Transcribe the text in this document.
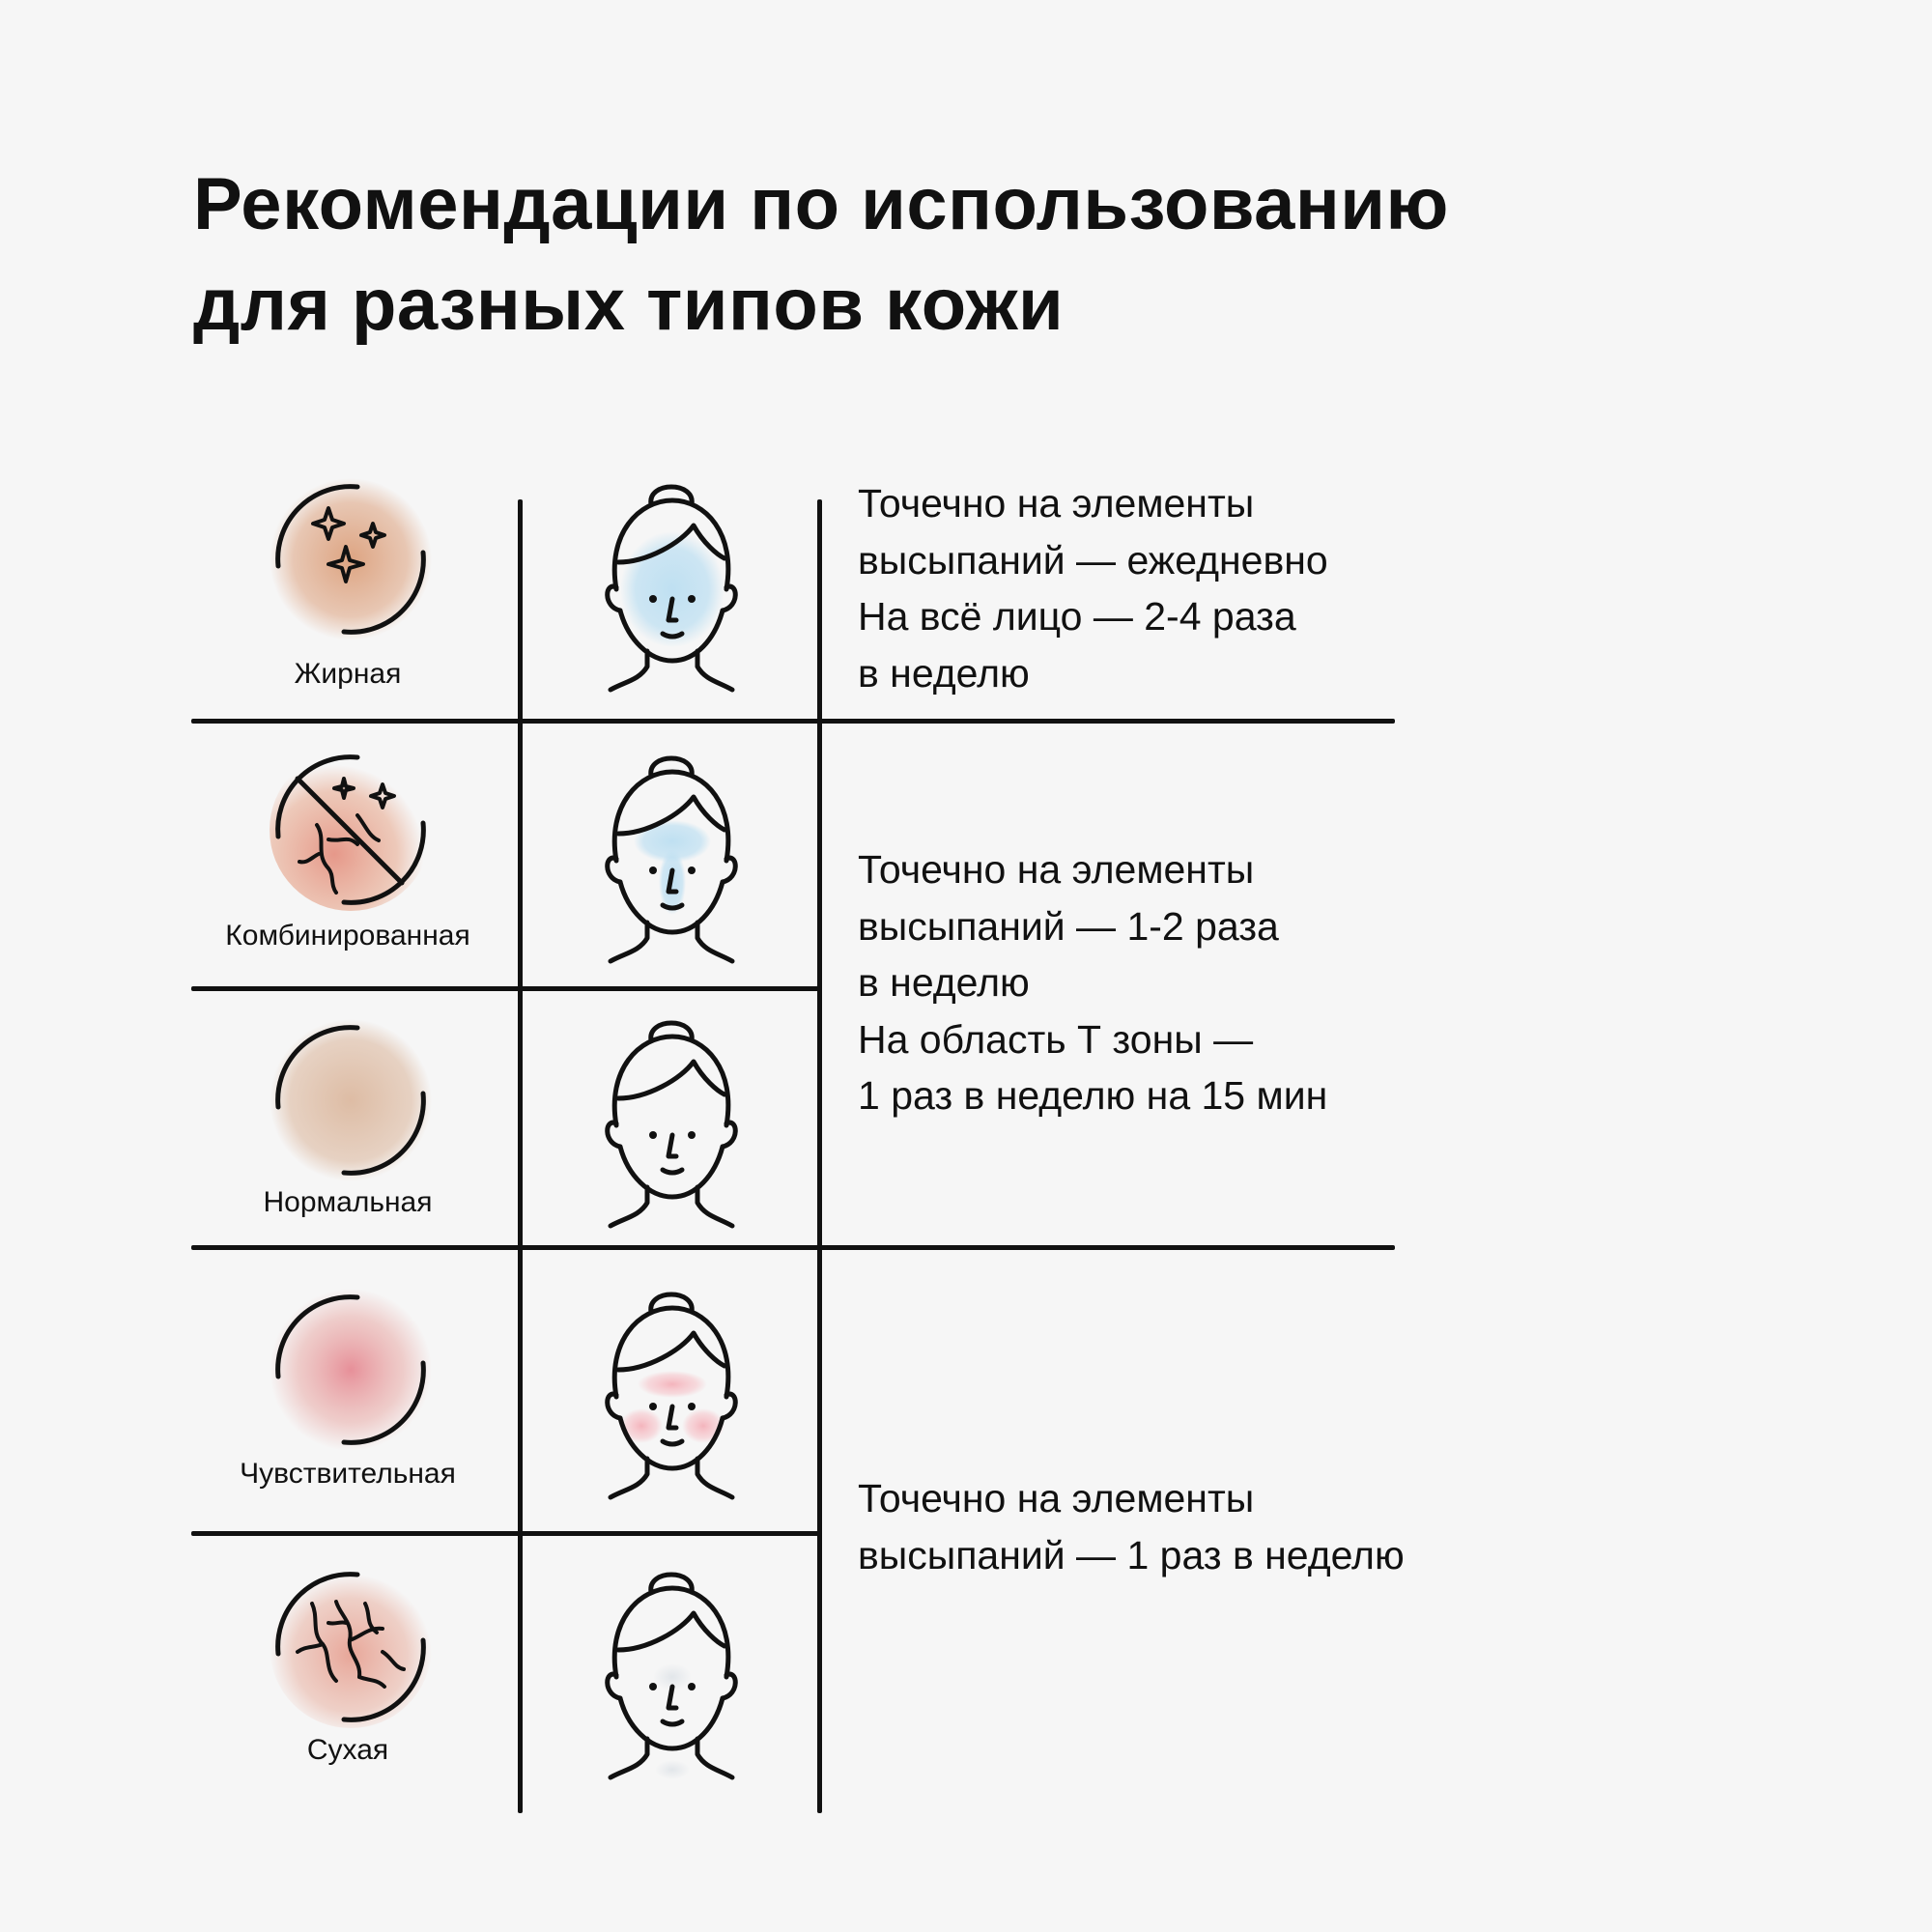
Рекомендации по использованию
для разных типов кожи
Жирная
Комбинированная
Нормальная
Чувствительная
Сухая
Точечно на элементы
высыпаний — ежедневно
На всё лицо — 2-4 раза
в неделю
Точечно на элементы
высыпаний — 1-2 раза
в неделю
На область Т зоны —
1 раз в неделю на 15 мин
Точечно на элементы
высыпаний — 1 раз в неделю
